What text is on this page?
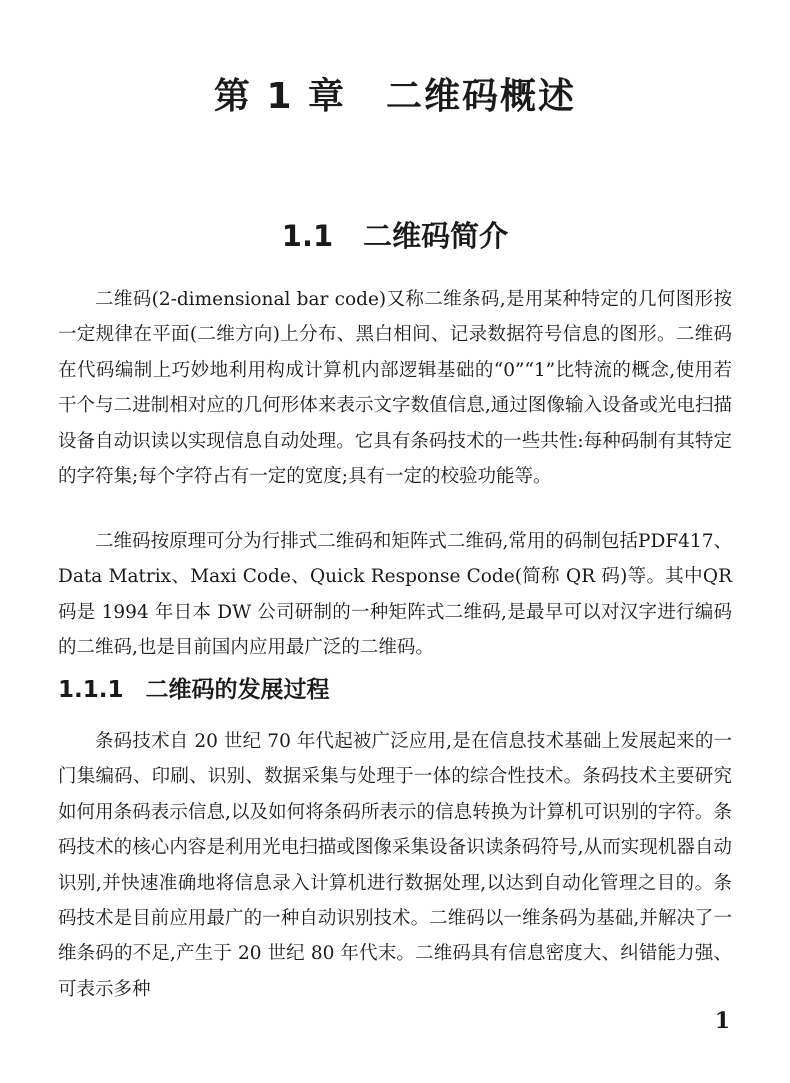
第 1 章 二维码概述
1.1 二维码简介

二维码(2-dimensional bar code)又称二维条码,是用某种特定的几何图形按一定规律在平面(二维方向)上分布、黑白相间、记录数据符号信息的图形。二维码在代码编制上巧妙地利用构成计算机内部逻辑基础的“0”“1”比特流的概念,使用若干个与二进制相对应的几何形体来表示文字数值信息,通过图像输入设备或光电扫描设备自动识读以实现信息自动处理。它具有条码技术的一些共性:每种码制有其特定的字符集;每个字符占有一定的宽度;具有一定的校验功能等。

二维码按原理可分为行排式二维码和矩阵式二维码,常用的码制包括PDF417、Data Matrix、Maxi Code、Quick Response Code(简称 QR 码)等。其中QR 码是 1994 年日本 DW 公司研制的一种矩阵式二维码,是最早可以对汉字进行编码的二维码,也是目前国内应用最广泛的二维码。

1.1.1 二维码的发展过程

条码技术自 20 世纪 70 年代起被广泛应用,是在信息技术基础上发展起来的一门集编码、印刷、识别、数据采集与处理于一体的综合性技术。条码技术主要研究如何用条码表示信息,以及如何将条码所表示的信息转换为计算机可识别的字符。条码技术的核心内容是利用光电扫描或图像采集设备识读条码符号,从而实现机器自动识别,并快速准确地将信息录入计算机进行数据处理,以达到自动化管理之目的。条码技术是目前应用最广的一种自动识别技术。二维码以一维条码为基础,并解决了一维条码的不足,产生于 20 世纪 80 年代末。二维码具有信息密度大、纠错能力强、可表示多种

1
